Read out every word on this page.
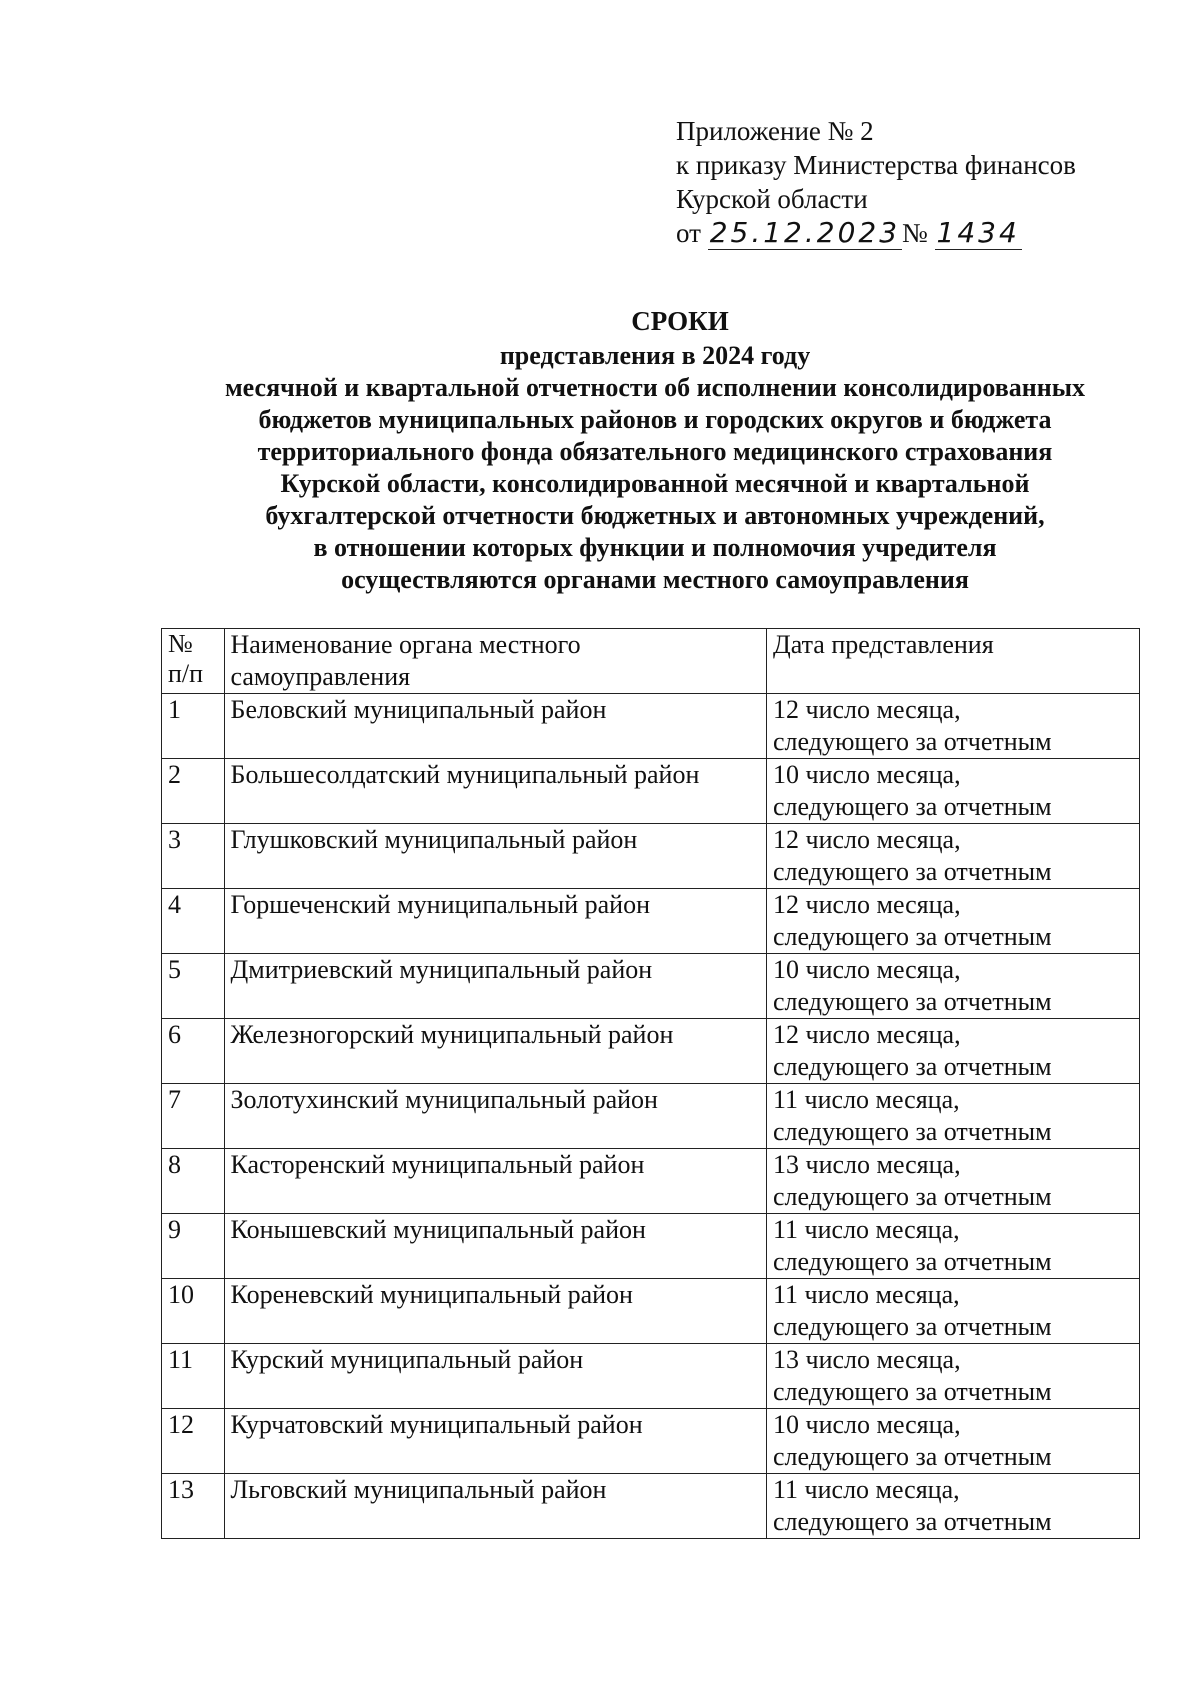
Приложение № 2
к приказу Министерства финансов
Курской области
от 25.12.2023№ 1434
СРОКИ
представления в 2024 году
месячной и квартальной отчетности об исполнении консолидированных
бюджетов муниципальных районов и городских округов и бюджета
территориального фонда обязательного медицинского страхования
Курской области, консолидированной месячной и квартальной
бухгалтерской отчетности бюджетных и автономных учреждений,
в отношении которых функции и полномочия учредителя
осуществляются органами местного самоуправления
№
п/п	Наименование органа местного самоуправления	Дата представления
1	Беловский муниципальный район	12 число месяца,
следующего за отчетным

2	Большесолдатский муниципальный район	10 число месяца,
следующего за отчетным

3	Глушковский муниципальный район	12 число месяца,
следующего за отчетным

4	Горшеченский муниципальный район	12 число месяца,
следующего за отчетным

5	Дмитриевский муниципальный район	10 число месяца,
следующего за отчетным

6	Железногорский муниципальный район	12 число месяца,
следующего за отчетным

7	Золотухинский муниципальный район	11 число месяца,
следующего за отчетным

8	Касторенский муниципальный район	13 число месяца,
следующего за отчетным

9	Конышевский муниципальный район	11 число месяца,
следующего за отчетным

10	Кореневский муниципальный район	11 число месяца,
следующего за отчетным

11	Курский муниципальный район	13 число месяца,
следующего за отчетным

12	Курчатовский муниципальный район	10 число месяца,
следующего за отчетным

13	Льговский муниципальный район	11 число месяца,
следующего за отчетным
